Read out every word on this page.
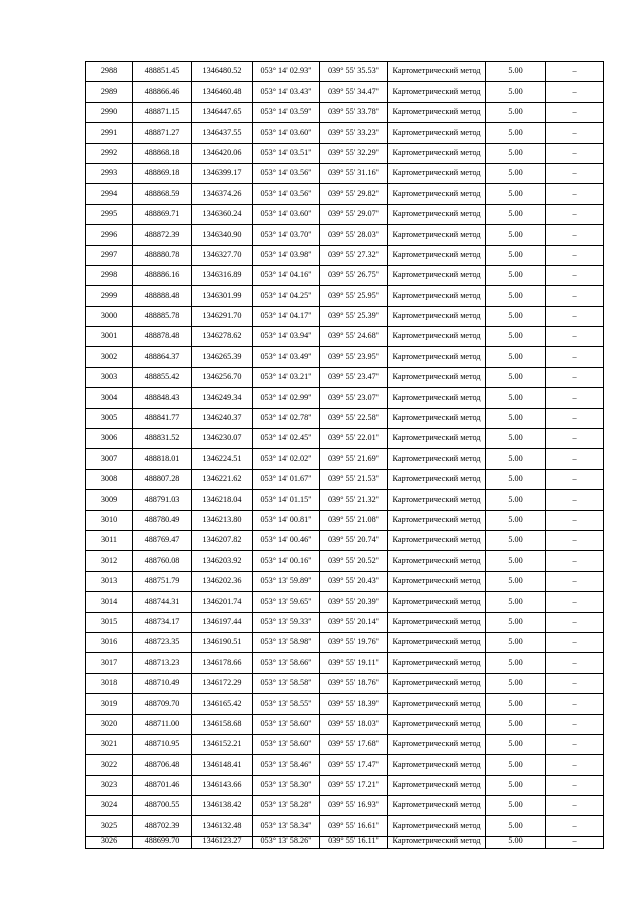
2988	488851.45	1346480.52	053° 14' 02.93"	039° 55' 35.53"	Картометрический метод	5.00	–
2989	488866.46	1346460.48	053° 14' 03.43"	039° 55' 34.47"	Картометрический метод	5.00	–
2990	488871.15	1346447.65	053° 14' 03.59"	039° 55' 33.78"	Картометрический метод	5.00	–
2991	488871.27	1346437.55	053° 14' 03.60"	039° 55' 33.23"	Картометрический метод	5.00	–
2992	488868.18	1346420.06	053° 14' 03.51"	039° 55' 32.29"	Картометрический метод	5.00	–
2993	488869.18	1346399.17	053° 14' 03.56"	039° 55' 31.16"	Картометрический метод	5.00	–
2994	488868.59	1346374.26	053° 14' 03.56"	039° 55' 29.82"	Картометрический метод	5.00	–
2995	488869.71	1346360.24	053° 14' 03.60"	039° 55' 29.07"	Картометрический метод	5.00	–
2996	488872.39	1346340.90	053° 14' 03.70"	039° 55' 28.03"	Картометрический метод	5.00	–
2997	488880.78	1346327.70	053° 14' 03.98"	039° 55' 27.32"	Картометрический метод	5.00	–
2998	488886.16	1346316.89	053° 14' 04.16"	039° 55' 26.75"	Картометрический метод	5.00	–
2999	488888.48	1346301.99	053° 14' 04.25"	039° 55' 25.95"	Картометрический метод	5.00	–
3000	488885.78	1346291.70	053° 14' 04.17"	039° 55' 25.39"	Картометрический метод	5.00	–
3001	488878.48	1346278.62	053° 14' 03.94"	039° 55' 24.68"	Картометрический метод	5.00	–
3002	488864.37	1346265.39	053° 14' 03.49"	039° 55' 23.95"	Картометрический метод	5.00	–
3003	488855.42	1346256.70	053° 14' 03.21"	039° 55' 23.47"	Картометрический метод	5.00	–
3004	488848.43	1346249.34	053° 14' 02.99"	039° 55' 23.07"	Картометрический метод	5.00	–
3005	488841.77	1346240.37	053° 14' 02.78"	039° 55' 22.58"	Картометрический метод	5.00	–
3006	488831.52	1346230.07	053° 14' 02.45"	039° 55' 22.01"	Картометрический метод	5.00	–
3007	488818.01	1346224.51	053° 14' 02.02"	039° 55' 21.69"	Картометрический метод	5.00	–
3008	488807.28	1346221.62	053° 14' 01.67"	039° 55' 21.53"	Картометрический метод	5.00	–
3009	488791.03	1346218.04	053° 14' 01.15"	039° 55' 21.32"	Картометрический метод	5.00	–
3010	488780.49	1346213.80	053° 14' 00.81"	039° 55' 21.08"	Картометрический метод	5.00	–
3011	488769.47	1346207.82	053° 14' 00.46"	039° 55' 20.74"	Картометрический метод	5.00	–
3012	488760.08	1346203.92	053° 14' 00.16"	039° 55' 20.52"	Картометрический метод	5.00	–
3013	488751.79	1346202.36	053° 13' 59.89"	039° 55' 20.43"	Картометрический метод	5.00	–
3014	488744.31	1346201.74	053° 13' 59.65"	039° 55' 20.39"	Картометрический метод	5.00	–
3015	488734.17	1346197.44	053° 13' 59.33"	039° 55' 20.14"	Картометрический метод	5.00	–
3016	488723.35	1346190.51	053° 13' 58.98"	039° 55' 19.76"	Картометрический метод	5.00	–
3017	488713.23	1346178.66	053° 13' 58.66"	039° 55' 19.11"	Картометрический метод	5.00	–
3018	488710.49	1346172.29	053° 13' 58.58"	039° 55' 18.76"	Картометрический метод	5.00	–
3019	488709.70	1346165.42	053° 13' 58.55"	039° 55' 18.39"	Картометрический метод	5.00	–
3020	488711.00	1346158.68	053° 13' 58.60"	039° 55' 18.03"	Картометрический метод	5.00	–
3021	488710.95	1346152.21	053° 13' 58.60"	039° 55' 17.68"	Картометрический метод	5.00	–
3022	488706.48	1346148.41	053° 13' 58.46"	039° 55' 17.47"	Картометрический метод	5.00	–
3023	488701.46	1346143.66	053° 13' 58.30"	039° 55' 17.21"	Картометрический метод	5.00	–
3024	488700.55	1346138.42	053° 13' 58.28"	039° 55' 16.93"	Картометрический метод	5.00	–
3025	488702.39	1346132.48	053° 13' 58.34"	039° 55' 16.61"	Картометрический метод	5.00	–
3026	488699.70	1346123.27	053° 13' 58.26"	039° 55' 16.11"	Картометрический метод	5.00	–
